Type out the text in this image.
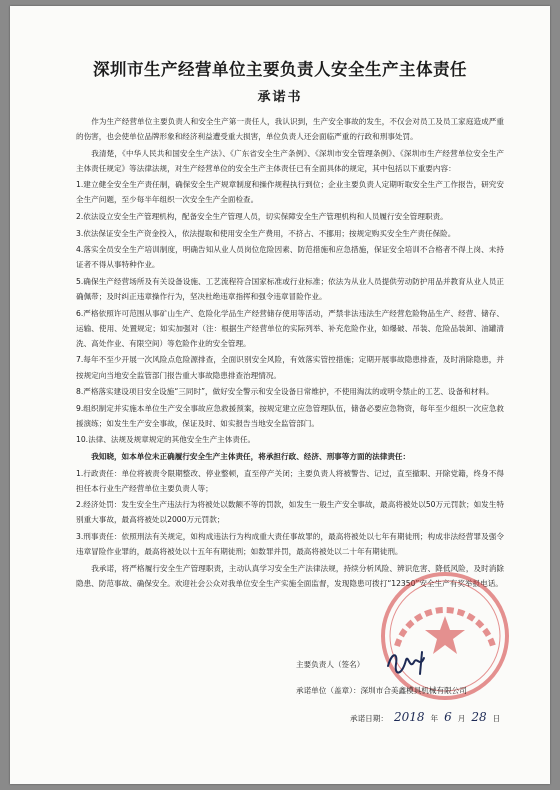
深圳市生产经营单位主要负责人安全生产主体责任
承诺书

作为生产经营单位主要负责人和安全生产第一责任人，我认识到，生产安全事故的发生，不仅会对员工及员工家庭造成严重的伤害，也会使单位品牌形象和经济利益遭受重大损害，单位负责人还会面临严重的行政和刑事处罚。

我清楚，《中华人民共和国安全生产法》、《广东省安全生产条例》、《深圳市安全管理条例》、《深圳市生产经营单位安全生产主体责任规定》等法律法规，对生产经营单位的安全生产主体责任已有全面具体的规定，其中包括以下重要内容：

1.建立健全安全生产责任制，确保安全生产规章制度和操作规程执行到位；企业主要负责人定期听取安全生产工作报告，研究安全生产问题，至少每半年组织一次安全生产全面检查。

2.依法设立安全生产管理机构，配备安全生产管理人员，切实保障安全生产管理机构和人员履行安全管理职责。

3.依法保证安全生产资金投入，依法提取和使用安全生产费用，不挤占、不挪用；按规定购买安全生产责任保险。

4.落实全员安全生产培训制度，明确告知从业人员岗位危险因素、防范措施和应急措施，保证安全培训不合格者不得上岗、未持证者不得从事特种作业。

5.确保生产经营场所及有关设备设施、工艺流程符合国家标准或行业标准；依法为从业人员提供劳动防护用品并教育从业人员正确佩带；及时纠正违章操作行为，坚决杜绝违章指挥和强令违章冒险作业。

6.严格依照许可范围从事矿山生产、危险化学品生产经营储存使用等活动，严禁非法违法生产经营危险物品生产、经营、储存、运输、使用、处置规定；如实加强对（注：根据生产经营单位的实际列举、补充危险作业，如爆破、吊装、危险品装卸、油罐清洗、高处作业、有限空间）等危险作业的安全管理。

7.每年不至少开展一次风险点危险源排查，全面识别安全风险，有效落实管控措施；定期开展事故隐患排查，及时消除隐患，并按规定向当地安全监管部门报告重大事故隐患排查治理情况。

8.严格落实建设项目安全设施“三同时”，做好安全警示和安全设备日常维护，不使用淘汰的或明令禁止的工艺、设备和材料。

9.组织制定并实施本单位生产安全事故应急救援预案，按规定建立应急管理队伍，储备必要应急物资，每年至少组织一次应急救援演练；如发生生产安全事故，保证及时、如实报告当地安全监管部门。

10.法律、法规及规章规定的其他安全生产主体责任。

我知晓，如本单位未正确履行安全生产主体责任，将承担行政、经济、刑事等方面的法律责任：

1.行政责任：单位将被责令限期整改、停业整顿，直至停产关闭；主要负责人将被警告、记过，直至撤职、开除党籍，终身不得担任本行业生产经营单位主要负责人等；

2.经济处罚：发生安全生产违法行为将被处以数额不等的罚款，如发生一般生产安全事故，最高将被处以50万元罚款；如发生特别重大事故，最高将被处以2000万元罚款；

3.刑事责任：依照刑法有关规定，如构成违法行为构成重大责任事故罪的，最高将被处以七年有期徒刑；构成非法经营罪及强令违章冒险作业罪的，最高将被处以十五年有期徒刑；如数罪并罚，最高将被处以二十年有期徒刑。

我承诺，将严格履行安全生产管理职责，主动认真学习安全生产法律法规，持续分析风险、辨识危害、降低风险，及时消除隐患、防范事故、确保安全。欢迎社会公众对我单位安全生产实施全面监督，发现隐患可拨打“12350”安全生产有奖举报电话。

主要负责人（签名）
承诺单位（盖章）：深圳市合美鑫模具机械有限公司
承诺日期： 2018 年 6 月 28 日
